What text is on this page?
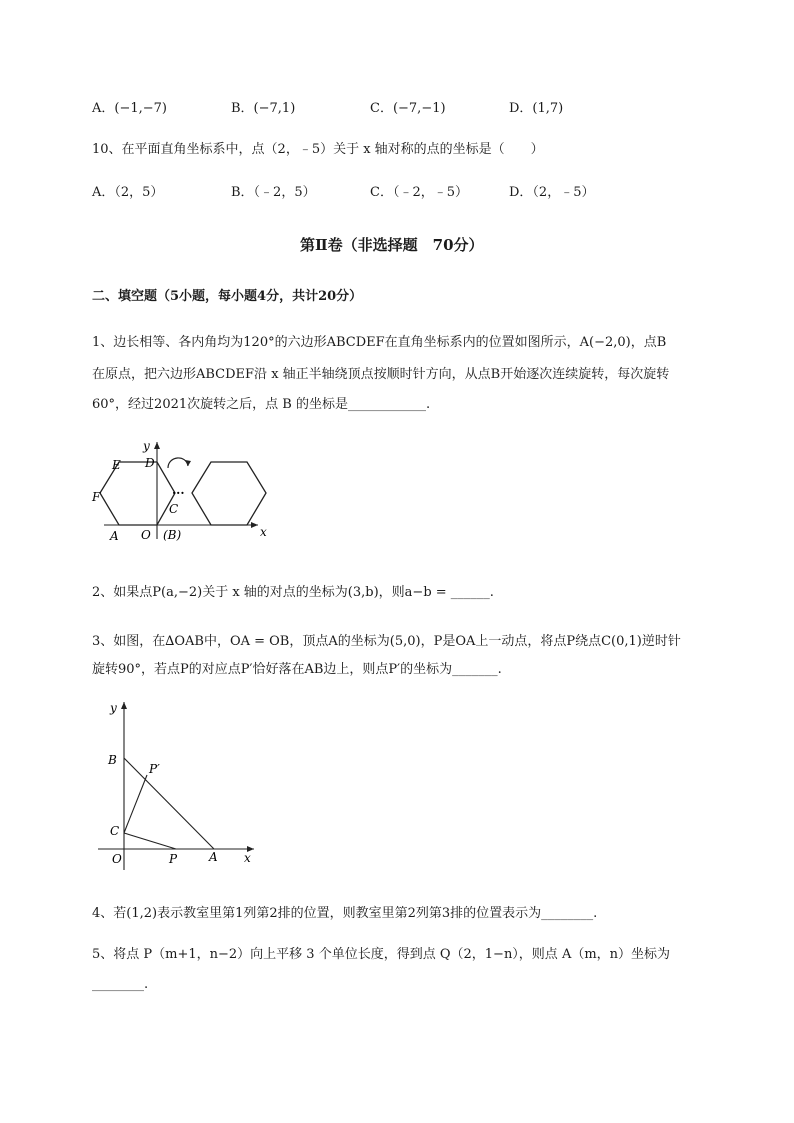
A．(−1,−7)	B．(−7,1)	C．(−7,−1)	D．(1,7)
10、在平面直角坐标系中，点（2，﹣5）关于 x 轴对称的点的坐标是（　　）
A．（2，5）	B．（﹣2，5）	C．（﹣2，﹣5）	D．（2，﹣5）
第Ⅱ卷（非选择题　70分）
二、填空题（5小题，每小题4分，共计20分）
1、边长相等、各内角均为120°的六边形ABCDEF在直角坐标系内的位置如图所示，A(−2,0)，点B
在原点，把六边形ABCDEF沿 x 轴正半轴绕顶点按顺时针方向，从点B开始逐次连续旋转，每次旋转
60°，经过2021次旋转之后，点 B 的坐标是____________.
y
x
E D
F
C
···
A O (B)
2、如果点P(a,−2)关于 x 轴的对点的坐标为(3,b)，则a−b = ______.
3、如图，在∆OAB中，OA = OB，顶点A的坐标为(5,0)，P是OA上一动点，将点P绕点C(0,1)逆时针
旋转90°，若点P的对应点P′恰好落在AB边上，则点P′的坐标为_______.
y
x
B
P′
C
O	P	A
4、若(1,2)表示教室里第1列第2排的位置，则教室里第2列第3排的位置表示为________.
5、将点 P（m+1，n−2）向上平移 3 个单位长度，得到点 Q（2，1−n），则点 A（m，n）坐标为
________.
